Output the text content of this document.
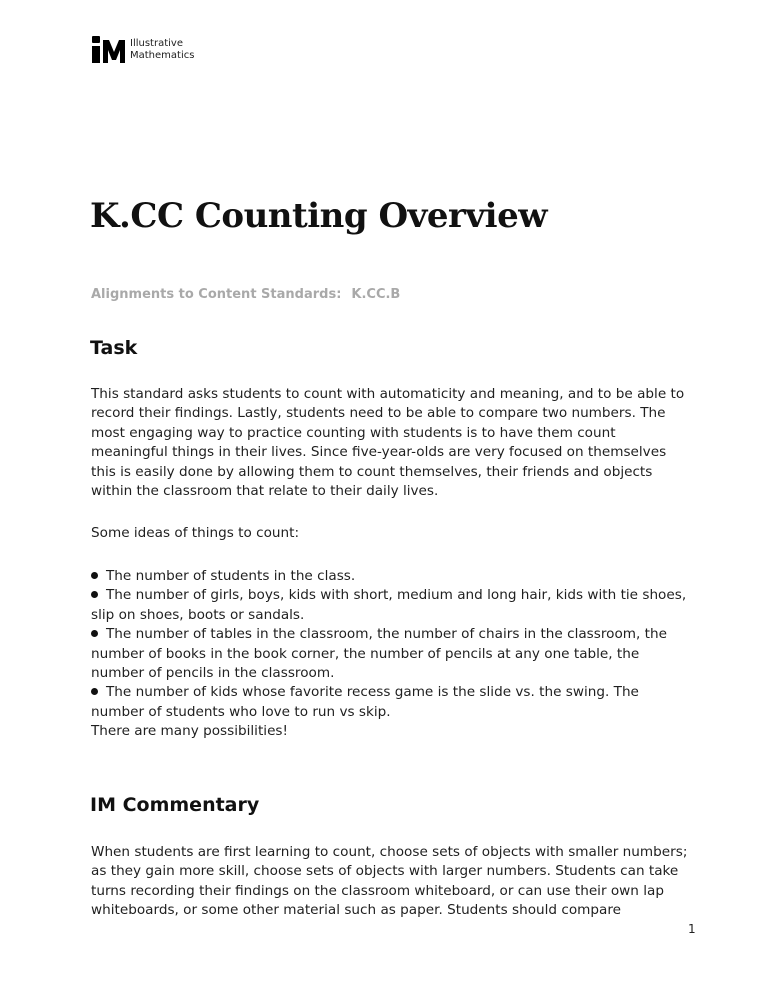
Illustrative
Mathematics
K.CC Counting Overview
Alignments to Content Standards: K.CC.B
Task
This standard asks students to count with automaticity and meaning, and to be able to
record their findings. Lastly, students need to be able to compare two numbers. The
most engaging way to practice counting with students is to have them count
meaningful things in their lives. Since five-year-olds are very focused on themselves
this is easily done by allowing them to count themselves, their friends and objects
within the classroom that relate to their daily lives.
Some ideas of things to count:
The number of students in the class.
The number of girls, boys, kids with short, medium and long hair, kids with tie shoes,
slip on shoes, boots or sandals.
The number of tables in the classroom, the number of chairs in the classroom, the
number of books in the book corner, the number of pencils at any one table, the
number of pencils in the classroom.
The number of kids whose favorite recess game is the slide vs. the swing. The
number of students who love to run vs skip.
There are many possibilities!
IM Commentary
When students are first learning to count, choose sets of objects with smaller numbers;
as they gain more skill, choose sets of objects with larger numbers. Students can take
turns recording their findings on the classroom whiteboard, or can use their own lap
whiteboards, or some other material such as paper. Students should compare
1
